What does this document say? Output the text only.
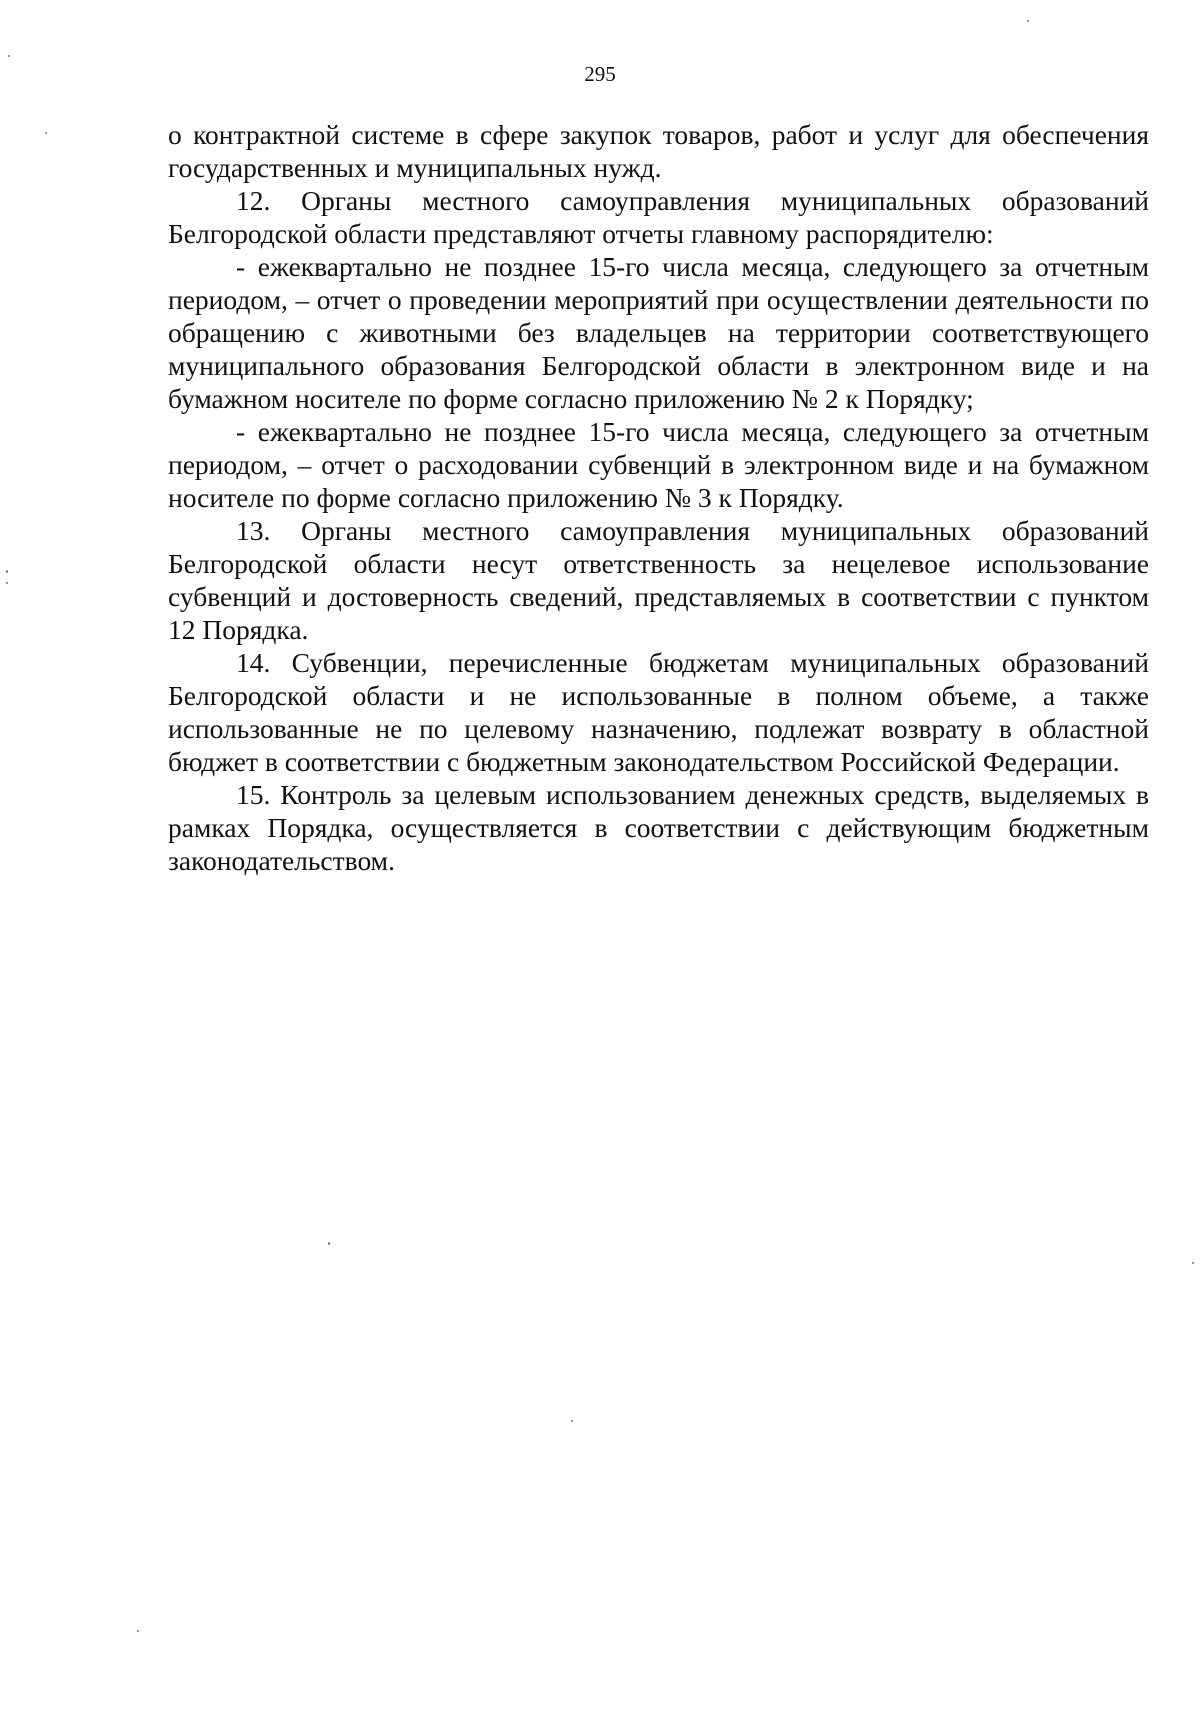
295

о контрактной системе в сфере закупок товаров, работ и услуг для обеспечения государственных и муниципальных нужд.

12. Органы местного самоуправления муниципальных образований Белгородской области представляют отчеты главному распорядителю:

- ежеквартально не позднее 15-го числа месяца, следующего за отчетным периодом, – отчет о проведении мероприятий при осуществлении деятельности по обращению с животными без владельцев на территории соответствующего муниципального образования Белгородской области в электронном виде и на бумажном носителе по форме согласно приложению № 2 к Порядку;

- ежеквартально не позднее 15-го числа месяца, следующего за отчетным периодом, – отчет о расходовании субвенций в электронном виде и на бумажном носителе по форме согласно приложению № 3 к Порядку.

13. Органы местного самоуправления муниципальных образований Белгородской области несут ответственность за нецелевое использование субвенций и достоверность сведений, представляемых в соответствии с пунктом 12 Порядка.

14. Субвенции, перечисленные бюджетам муниципальных образований Белгородской области и не использованные в полном объеме, а также использованные не по целевому назначению, подлежат возврату в областной бюджет в соответствии с бюджетным законодательством Российской Федерации.

15. Контроль за целевым использованием денежных средств, выделяемых в рамках Порядка, осуществляется в соответствии с действующим бюджетным законодательством.
